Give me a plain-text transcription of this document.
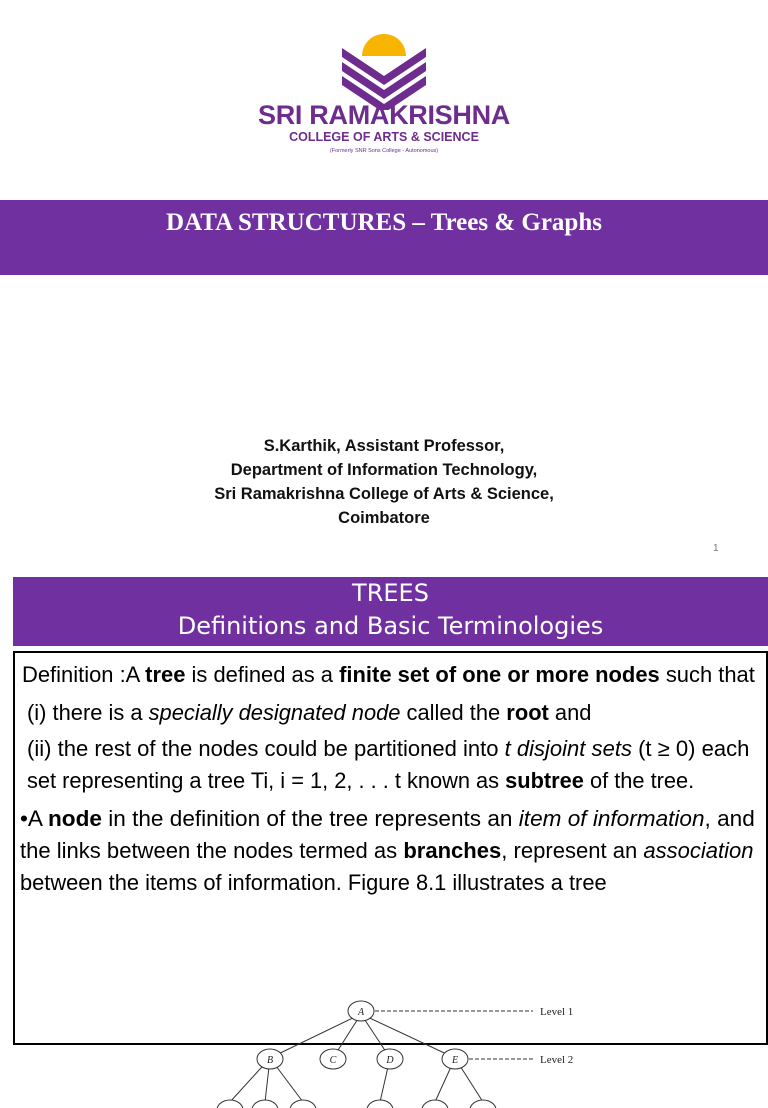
SRI RAMAKRISHNA
COLLEGE OF ARTS & SCIENCE
(Formerly SNR Sons College - Autonomous)
DATA STRUCTURES – Trees & Graphs
S.Karthik, Assistant Professor,
Department of Information Technology,
Sri Ramakrishna College of Arts & Science,
Coimbatore
1
TREES
Definitions and Basic Terminologies
Definition :A tree is defined as a finite set of one or more nodes such that
(i) there is a specially designated node called the root and
(ii) the rest of the nodes could be partitioned into t disjoint sets (t ≥ 0) each
set representing a tree Ti, i = 1, 2, . . . t known as subtree of the tree.
•A node in the definition of the tree represents an item of information, and
the links between the nodes termed as branches, represent an association
between the items of information. Figure 8.1 illustrates a tree
A
B	C	D	E
Level 1
Level 2
